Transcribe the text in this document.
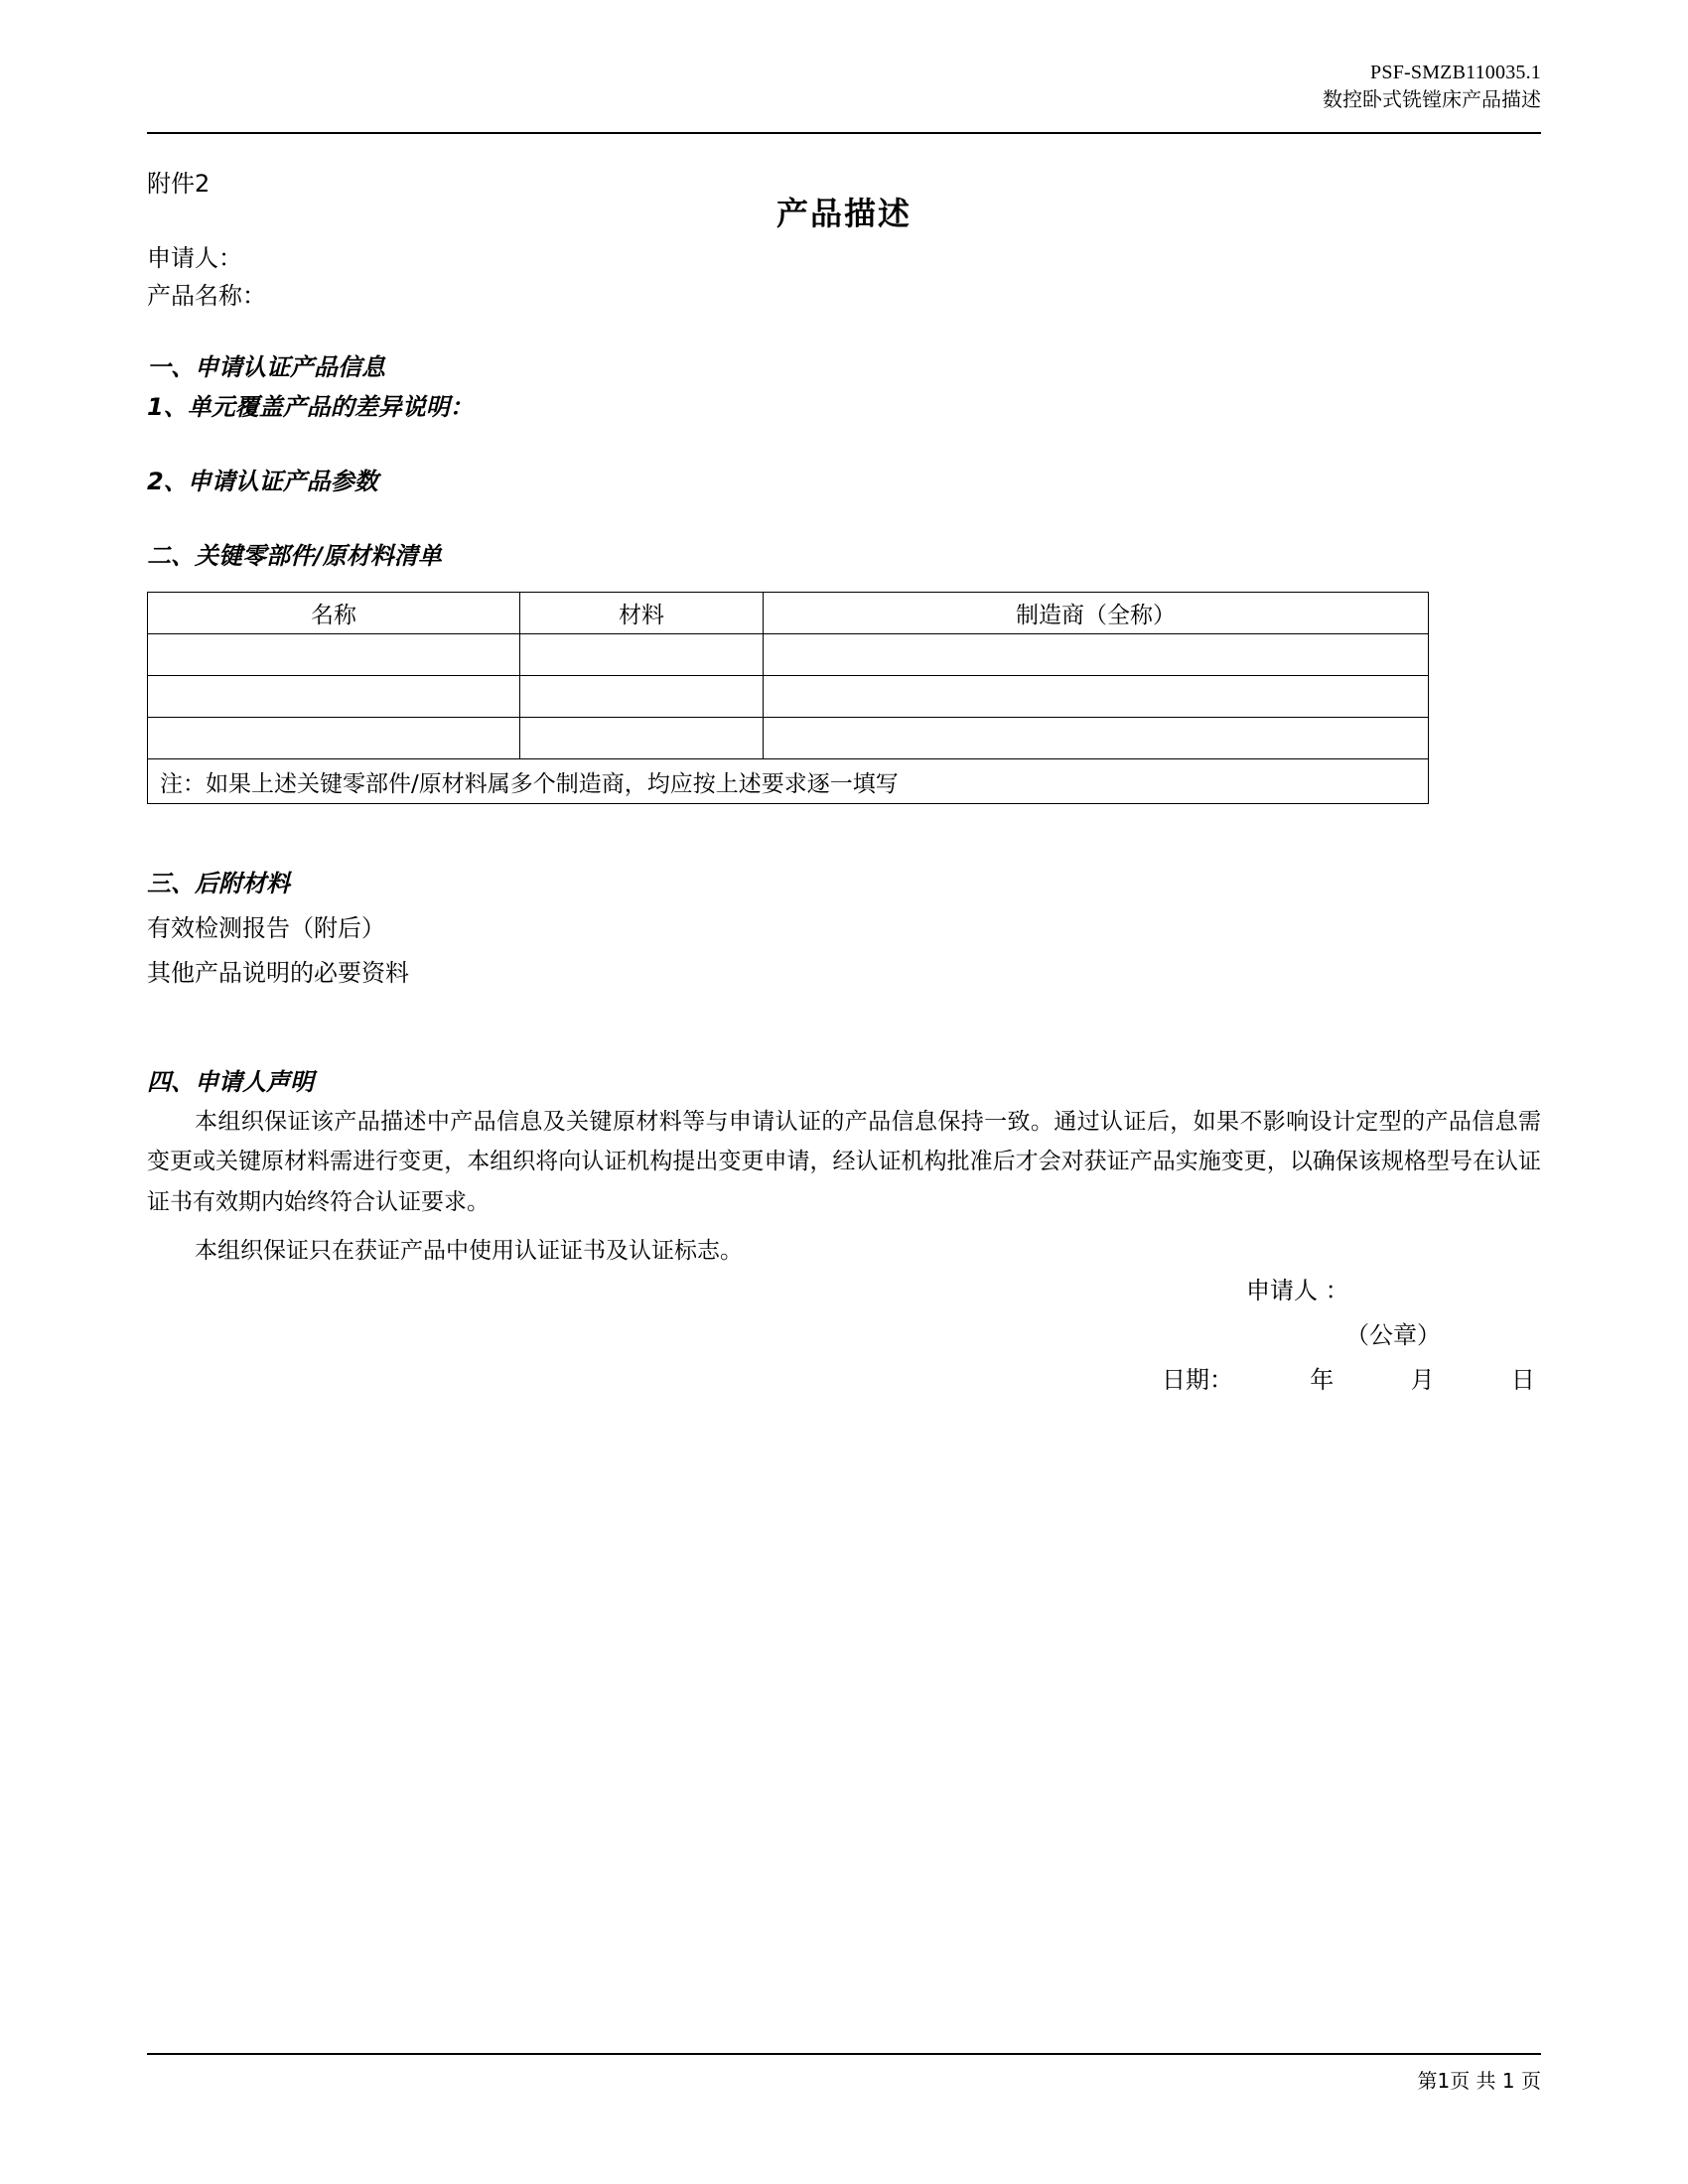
PSF-SMZB110035.1
数控卧式铣镗床产品描述
附件2
产品描述
申请人：
产品名称：
一、申请认证产品信息
1、单元覆盖产品的差异说明：
2、申请认证产品参数
二、关键零部件/原材料清单
名称	材料	制造商（全称）

注：如果上述关键零部件/原材料属多个制造商，均应按上述要求逐一填写		
三、后附材料
有效检测报告（附后）
其他产品说明的必要资料
四、申请人声明
本组织保证该产品描述中产品信息及关键原材料等与申请认证的产品信息保持一致。通过认证后，如果不影响设计定型的产品信息需变更或关键原材料需进行变更，本组织将向认证机构提出变更申请，经认证机构批准后才会对获证产品实施变更，以确保该规格型号在认证证书有效期内始终符合认证要求。
本组织保证只在获证产品中使用认证证书及认证标志。
申请人 ：
（公章）
日期：	年	月	日
第1页 共 1 页
